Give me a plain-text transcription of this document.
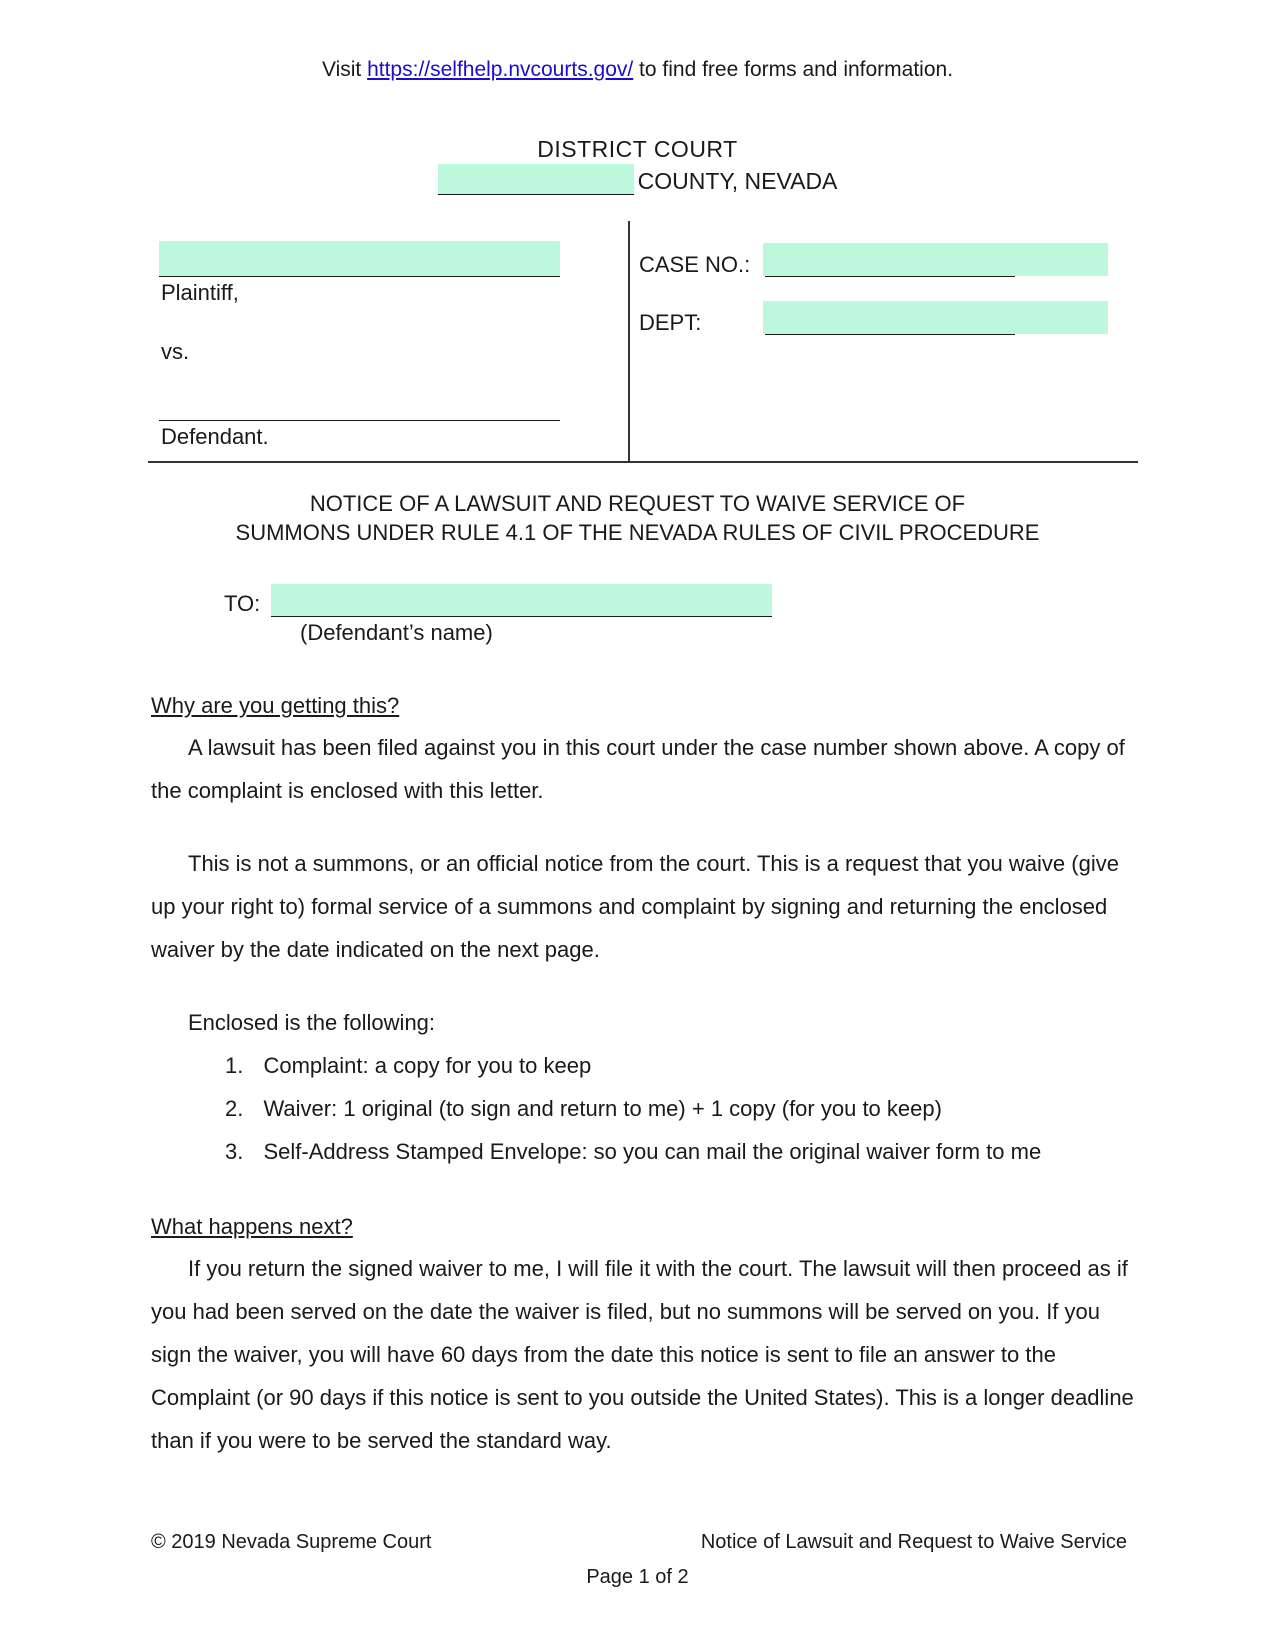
Visit https://selfhelp.nvcourts.gov/ to find free forms and information.
DISTRICT COURT
COUNTY, NEVADA
Plaintiff,
vs.
Defendant.
CASE NO.:
DEPT:
NOTICE OF A LAWSUIT AND REQUEST TO WAIVE SERVICE OF
SUMMONS UNDER RULE 4.1 OF THE NEVADA RULES OF CIVIL PROCEDURE
TO:
(Defendant’s name)
Why are you getting this?
A lawsuit has been filed against you in this court under the case number shown above. A copy of the complaint is enclosed with this letter.
This is not a summons, or an official notice from the court. This is a request that you waive (give up your right to) formal service of a summons and complaint by signing and returning the enclosed waiver by the date indicated on the next page.
Enclosed is the following:
1. Complaint: a copy for you to keep
2. Waiver: 1 original (to sign and return to me) + 1 copy (for you to keep)
3. Self-Address Stamped Envelope: so you can mail the original waiver form to me
What happens next?
If you return the signed waiver to me, I will file it with the court. The lawsuit will then proceed as if you had been served on the date the waiver is filed, but no summons will be served on you. If you sign the waiver, you will have 60 days from the date this notice is sent to file an answer to the Complaint (or 90 days if this notice is sent to you outside the United States). This is a longer deadline than if you were to be served the standard way.
© 2019 Nevada Supreme Court	Notice of Lawsuit and Request to Waive Service
Page 1 of 2
